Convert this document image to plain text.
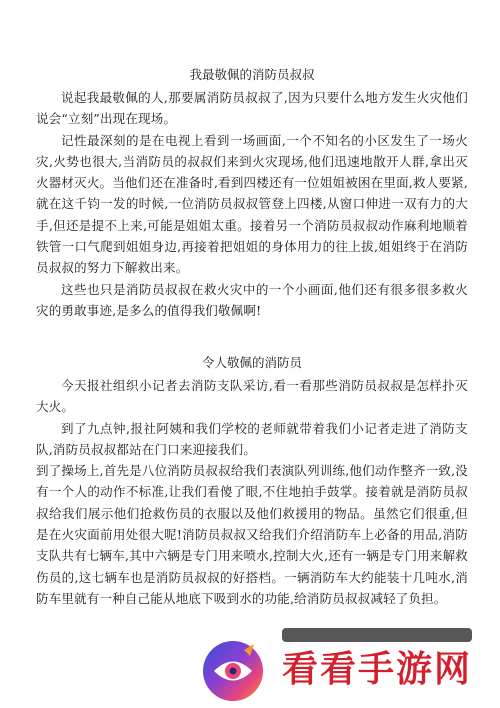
我最敬佩的消防员叔叔

说起我最敬佩的人,那要属消防员叔叔了,因为只要什么地方发生火灾他们说会“立刻”出现在现场。

记性最深刻的是在电视上看到一场画面,一个不知名的小区发生了一场火灾,火势也很大,当消防员的叔叔们来到火灾现场,他们迅速地散开人群,拿出灭火器材灭火。当他们还在准备时,看到四楼还有一位姐姐被困在里面,救人要紧,就在这千钧一发的时候,一位消防员叔叔管登上四楼,从窗口伸进一双有力的大手,但还是提不上来,可能是姐姐太重。接着另一个消防员叔叔动作麻利地顺着铁管一口气爬到姐姐身边,再接着把姐姐的身体用力的往上拔,姐姐终于在消防员叔叔的努力下解救出来。

这些也只是消防员叔叔在救火灾中的一个小画面,他们还有很多很多救火灾的勇敢事迹,是多么的值得我们敬佩啊!

令人敬佩的消防员

今天报社组织小记者去消防支队采访,看一看那些消防员叔叔是怎样扑灭大火。

到了九点钟,报社阿姨和我们学校的老师就带着我们小记者走进了消防支队,消防员叔叔都站在门口来迎接我们。

到了操场上,首先是八位消防员叔叔给我们表演队列训练,他们动作整齐一致,没有一个人的动作不标准,让我们看傻了眼,不住地拍手鼓掌。接着就是消防员叔叔给我们展示他们抢救伤员的衣服以及他们救援用的物品。虽然它们很重,但是在火灾面前用处很大呢!消防员叔叔又给我们介绍消防车上必备的用品,消防支队共有七辆车,其中六辆是专门用来喷水,控制大火,还有一辆是专门用来解救伤员的,这七辆车也是消防员叔叔的好搭档。一辆消防车大约能装十几吨水,消防车里就有一种自己能从地底下吸到水的功能,给消防员叔叔减轻了负担。

看看手游网
